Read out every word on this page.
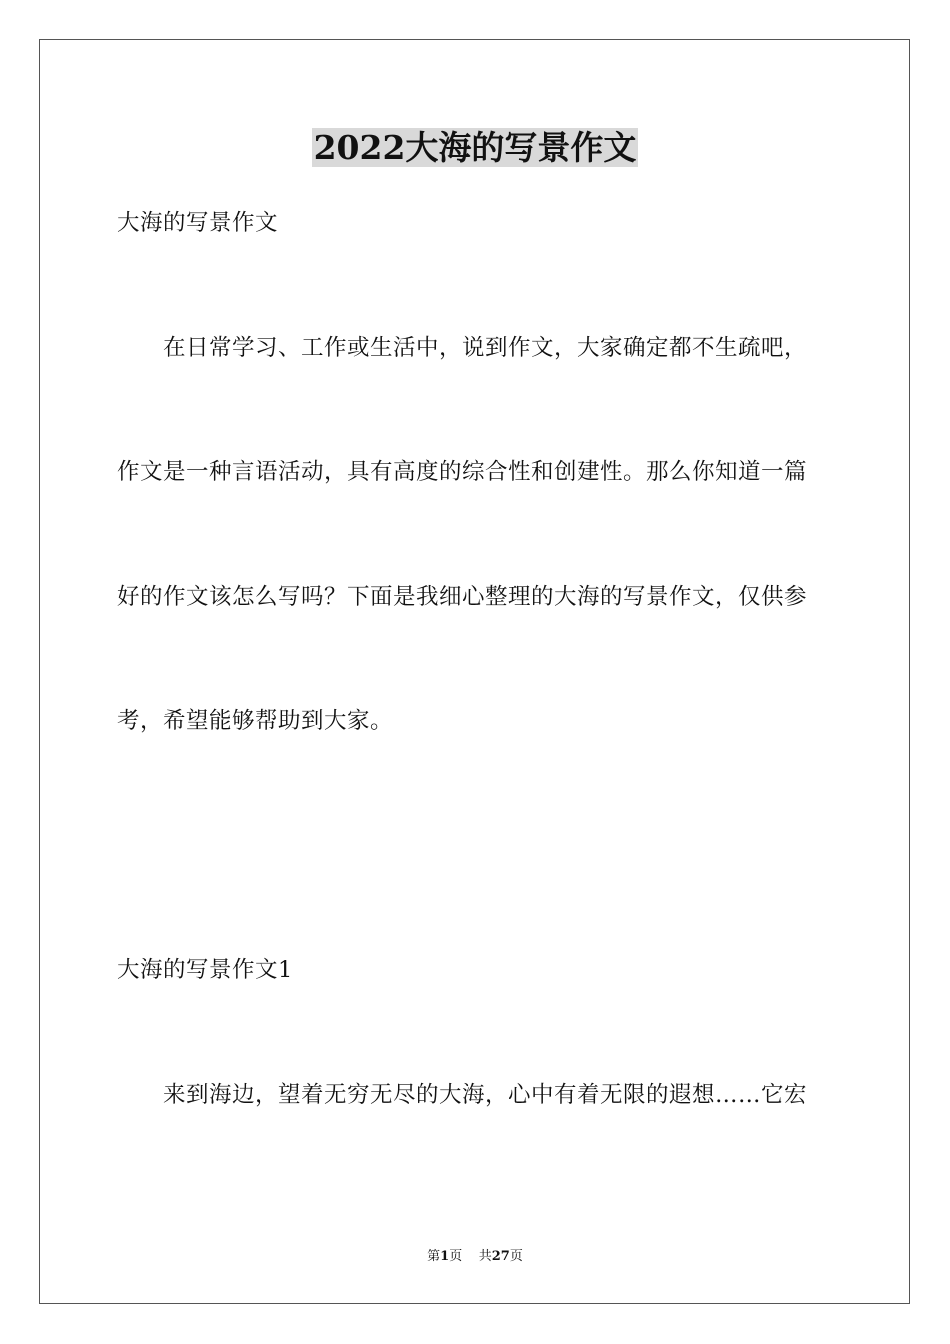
2022大海的写景作文
大海的写景作文
　　在日常学习、工作或生活中，说到作文，大家确定都不生疏吧，
作文是一种言语活动，具有高度的综合性和创建性。那么你知道一篇
好的作文该怎么写吗？下面是我细心整理的大海的写景作文，仅供参
考，希望能够帮助到大家。
大海的写景作文1
　　来到海边，望着无穷无尽的大海，心中有着无限的遐想……它宏
第1页 共27页
